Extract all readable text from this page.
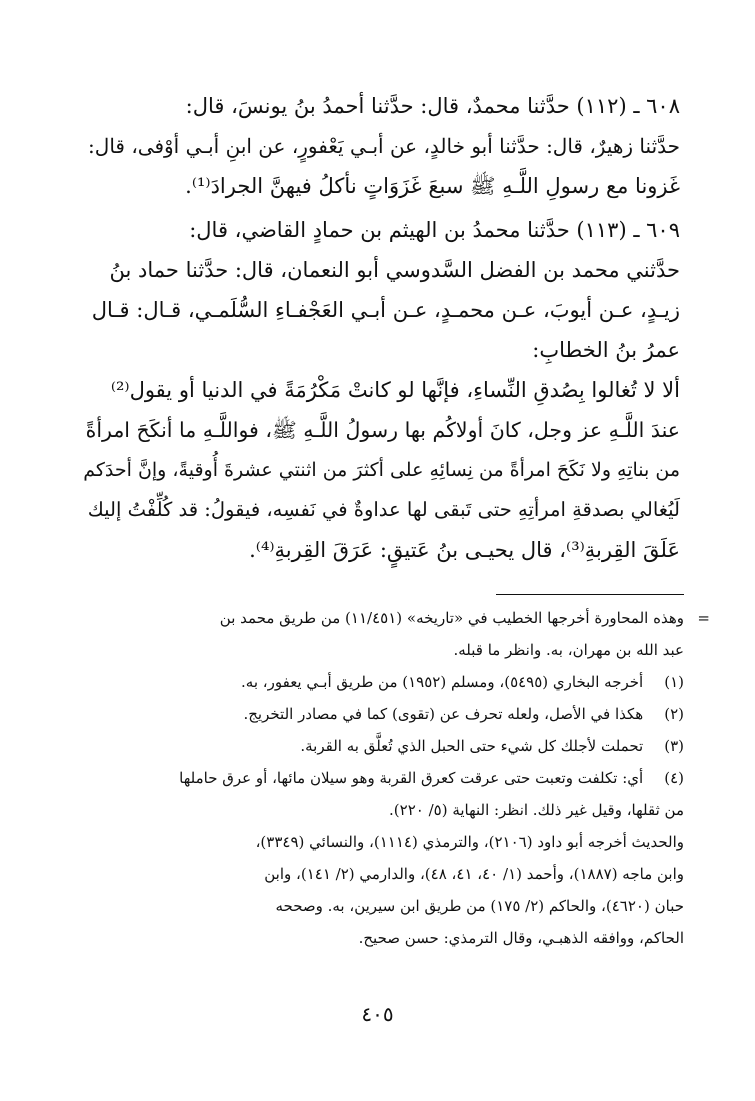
٦٠٨ ـ (١١٢) حدَّثنا محمدٌ، قال: حدَّثنا أحمدُ بنُ يونسَ، قال:
حدَّثنا زهيرٌ، قال: حدَّثنا أبو خالدٍ، عن أبـي يَعْفورٍ، عن ابنِ أبـي أوْفى، قال:
غَزونا مع رسولِ اللَّـهِ ﷺ سبعَ غَزَوَاتٍ نأكلُ فيهنَّ الجرادَ⁽¹⁾.
٦٠٩ ـ (١١٣) حدَّثنا محمدُ بن الهيثم بن حمادٍ القاضي، قال:
حدَّثني محمد بن الفضل السَّدوسي أبو النعمان، قال: حدَّثنا حماد بنُ
زيـدٍ، عـن أيوبَ، عـن محمـدٍ، عـن أبـي العَجْفـاءِ السُّلَمـي، قـال: قـال
عمرُ بنُ الخطابِ:
ألا لا تُغالوا بِصُدقِ النِّساءِ، فإنَّها لو كانتْ مَكْرُمَةً في الدنيا أو يقول⁽²⁾
عندَ اللَّـهِ عز وجل، كانَ أولاكُم بها رسولُ اللَّـهِ ﷺ، فواللَّـهِ ما أنكَحَ امرأةً
من بناتِهِ ولا نَكَحَ امرأةً من نِسائِهِ على أكثرَ من اثنتي عشرةَ أُوقيةً، وإنَّ أحدَكم
لَيُغالي بصدقةِ امرأتِهِ حتى تَبقى لها عداوةٌ في نَفسِه، فيقولُ: قد كُلِّفْتُ إليك
عَلَقَ القِربةِ⁽³⁾، قال يحيـى بنُ عَتيقٍ: عَرَقَ القِربةِ⁽⁴⁾.
=
وهذه المحاورة أخرجها الخطيب في «تاريخه» (١١/٤٥١) من طريق محمد بن
عبد الله بن مهران، به. وانظر ما قبله.
(١) أخرجه البخاري (٥٤٩٥)، ومسلم (١٩٥٢) من طريق أبـي يعفور، به.
(٢) هكذا في الأصل، ولعله تحرف عن (تقوى) كما في مصادر التخريج.
(٣) تحملت لأجلك كل شيء حتى الحبل الذي تُعلَّق به القربة.
(٤) أي: تكلفت وتعبت حتى عرقت كعرق القربة وهو سيلان مائها، أو عرق حاملها
من ثقلها، وقيل غير ذلك. انظر: النهاية (٥/ ٢٢٠).
والحديث أخرجه أبو داود (٢١٠٦)، والترمذي (١١١٤)، والنسائي (٣٣٤٩)،
وابن ماجه (١٨٨٧)، وأحمد (١/ ٤٠، ٤١، ٤٨)، والدارمي (٢/ ١٤١)، وابن
حبان (٤٦٢٠)، والحاكم (٢/ ١٧٥) من طريق ابن سيرين، به. وصححه
الحاكم، ووافقه الذهبـي، وقال الترمذي: حسن صحيح.
٤٠٥
